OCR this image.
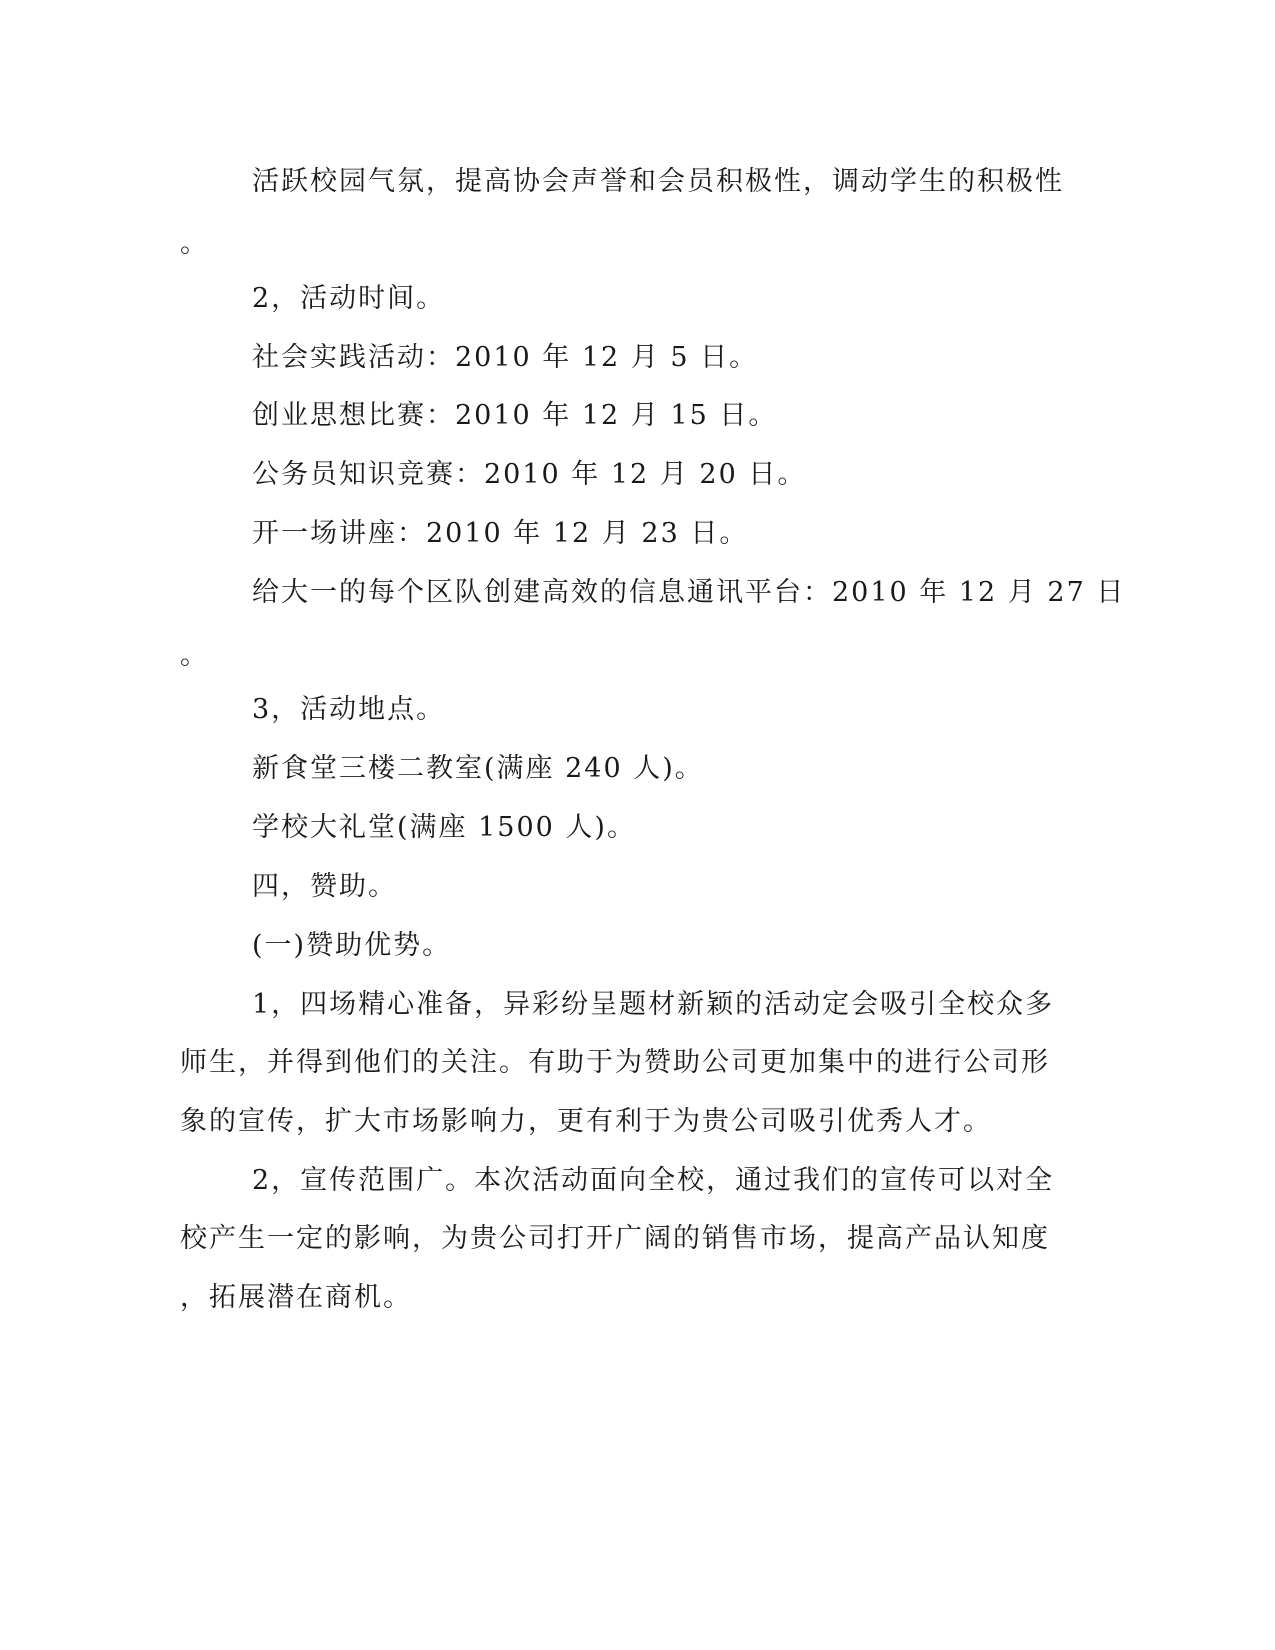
活跃校园气氛，提高协会声誉和会员积极性，调动学生的积极性
。
2，活动时间。
社会实践活动：2010 年 12 月 5 日。
创业思想比赛：2010 年 12 月 15 日。
公务员知识竞赛：2010 年 12 月 20 日。
开一场讲座：2010 年 12 月 23 日。
给大一的每个区队创建高效的信息通讯平台：2010 年 12 月 27 日
。
3，活动地点。
新食堂三楼二教室(满座 240 人)。
学校大礼堂(满座 1500 人)。
四，赞助。
(一)赞助优势。
1，四场精心准备，异彩纷呈题材新颖的活动定会吸引全校众多
师生，并得到他们的关注。有助于为赞助公司更加集中的进行公司形
象的宣传，扩大市场影响力，更有利于为贵公司吸引优秀人才。
2，宣传范围广。本次活动面向全校，通过我们的宣传可以对全
校产生一定的影响，为贵公司打开广阔的销售市场，提高产品认知度
，拓展潜在商机。
